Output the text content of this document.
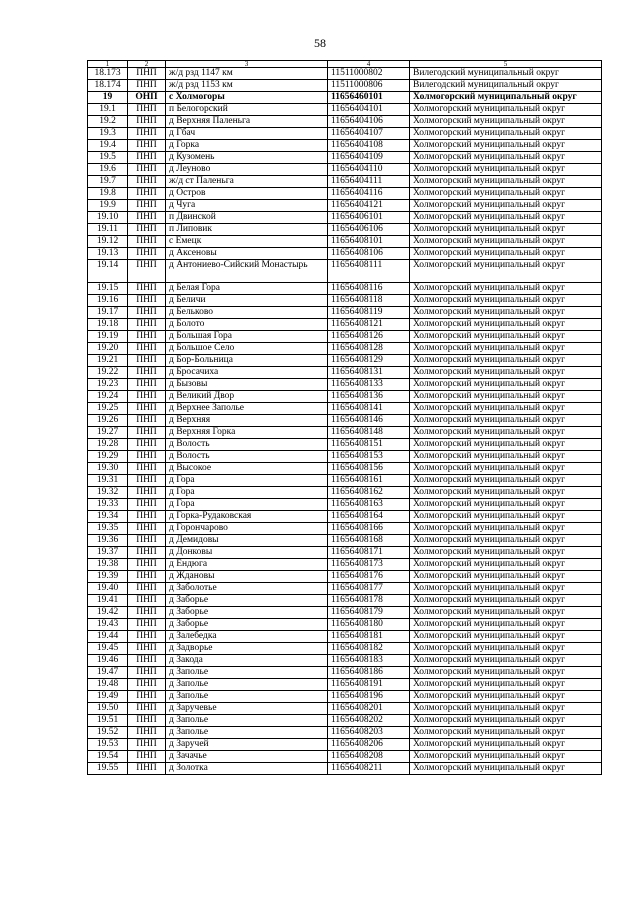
58
1	2	3	4	5
18.173	ПНП	ж/д рзд 1147 км	11511000802	Вилегодский муниципальный округ
18.174	ПНП	ж/д рзд 1153 км	11511000806	Вилегодский муниципальный округ
19	ОНП	с Холмогоры	11656460101	Холмогорский муниципальный округ
19.1	ПНП	п Белогорский	11656404101	Холмогорский муниципальный округ
19.2	ПНП	д Верхняя Паленьга	11656404106	Холмогорский муниципальный округ
19.3	ПНП	д Гбач	11656404107	Холмогорский муниципальный округ
19.4	ПНП	д Горка	11656404108	Холмогорский муниципальный округ
19.5	ПНП	д Кузомень	11656404109	Холмогорский муниципальный округ
19.6	ПНП	д Леуново	11656404110	Холмогорский муниципальный округ
19.7	ПНП	ж/д ст Паленьга	11656404111	Холмогорский муниципальный округ
19.8	ПНП	д Остров	11656404116	Холмогорский муниципальный округ
19.9	ПНП	д Чуга	11656404121	Холмогорский муниципальный округ
19.10	ПНП	п Двинской	11656406101	Холмогорский муниципальный округ
19.11	ПНП	п Липовик	11656406106	Холмогорский муниципальный округ
19.12	ПНП	с Емецк	11656408101	Холмогорский муниципальный округ
19.13	ПНП	д Аксеновы	11656408106	Холмогорский муниципальный округ
19.14	ПНП	д Антониево-Сийский Монастырь	11656408111	Холмогорский муниципальный округ
19.15	ПНП	д Белая Гора	11656408116	Холмогорский муниципальный округ
19.16	ПНП	д Беличи	11656408118	Холмогорский муниципальный округ
19.17	ПНП	д Бельково	11656408119	Холмогорский муниципальный округ
19.18	ПНП	д Болото	11656408121	Холмогорский муниципальный округ
19.19	ПНП	д Большая Гора	11656408126	Холмогорский муниципальный округ
19.20	ПНП	д Большое Село	11656408128	Холмогорский муниципальный округ
19.21	ПНП	д Бор-Больница	11656408129	Холмогорский муниципальный округ
19.22	ПНП	д Бросачиха	11656408131	Холмогорский муниципальный округ
19.23	ПНП	д Бызовы	11656408133	Холмогорский муниципальный округ
19.24	ПНП	д Великий Двор	11656408136	Холмогорский муниципальный округ
19.25	ПНП	д Верхнее Заполье	11656408141	Холмогорский муниципальный округ
19.26	ПНП	д Верхняя	11656408146	Холмогорский муниципальный округ
19.27	ПНП	д Верхняя Горка	11656408148	Холмогорский муниципальный округ
19.28	ПНП	д Волость	11656408151	Холмогорский муниципальный округ
19.29	ПНП	д Волость	11656408153	Холмогорский муниципальный округ
19.30	ПНП	д Высокое	11656408156	Холмогорский муниципальный округ
19.31	ПНП	д Гора	11656408161	Холмогорский муниципальный округ
19.32	ПНП	д Гора	11656408162	Холмогорский муниципальный округ
19.33	ПНП	д Гора	11656408163	Холмогорский муниципальный округ
19.34	ПНП	д Горка-Рудаковская	11656408164	Холмогорский муниципальный округ
19.35	ПНП	д Горончарово	11656408166	Холмогорский муниципальный округ
19.36	ПНП	д Демидовы	11656408168	Холмогорский муниципальный округ
19.37	ПНП	д Донковы	11656408171	Холмогорский муниципальный округ
19.38	ПНП	д Ендюга	11656408173	Холмогорский муниципальный округ
19.39	ПНП	д Ждановы	11656408176	Холмогорский муниципальный округ
19.40	ПНП	д Заболотье	11656408177	Холмогорский муниципальный округ
19.41	ПНП	д Заборье	11656408178	Холмогорский муниципальный округ
19.42	ПНП	д Заборье	11656408179	Холмогорский муниципальный округ
19.43	ПНП	д Заборье	11656408180	Холмогорский муниципальный округ
19.44	ПНП	д Залебедка	11656408181	Холмогорский муниципальный округ
19.45	ПНП	д Задворье	11656408182	Холмогорский муниципальный округ
19.46	ПНП	д Закода	11656408183	Холмогорский муниципальный округ
19.47	ПНП	д Заполье	11656408186	Холмогорский муниципальный округ
19.48	ПНП	д Заполье	11656408191	Холмогорский муниципальный округ
19.49	ПНП	д Заполье	11656408196	Холмогорский муниципальный округ
19.50	ПНП	д Заручевье	11656408201	Холмогорский муниципальный округ
19.51	ПНП	д Заполье	11656408202	Холмогорский муниципальный округ
19.52	ПНП	д Заполье	11656408203	Холмогорский муниципальный округ
19.53	ПНП	д Заручей	11656408206	Холмогорский муниципальный округ
19.54	ПНП	д Зачачье	11656408208	Холмогорский муниципальный округ
19.55	ПНП	д Золотка	11656408211	Холмогорский муниципальный округ
